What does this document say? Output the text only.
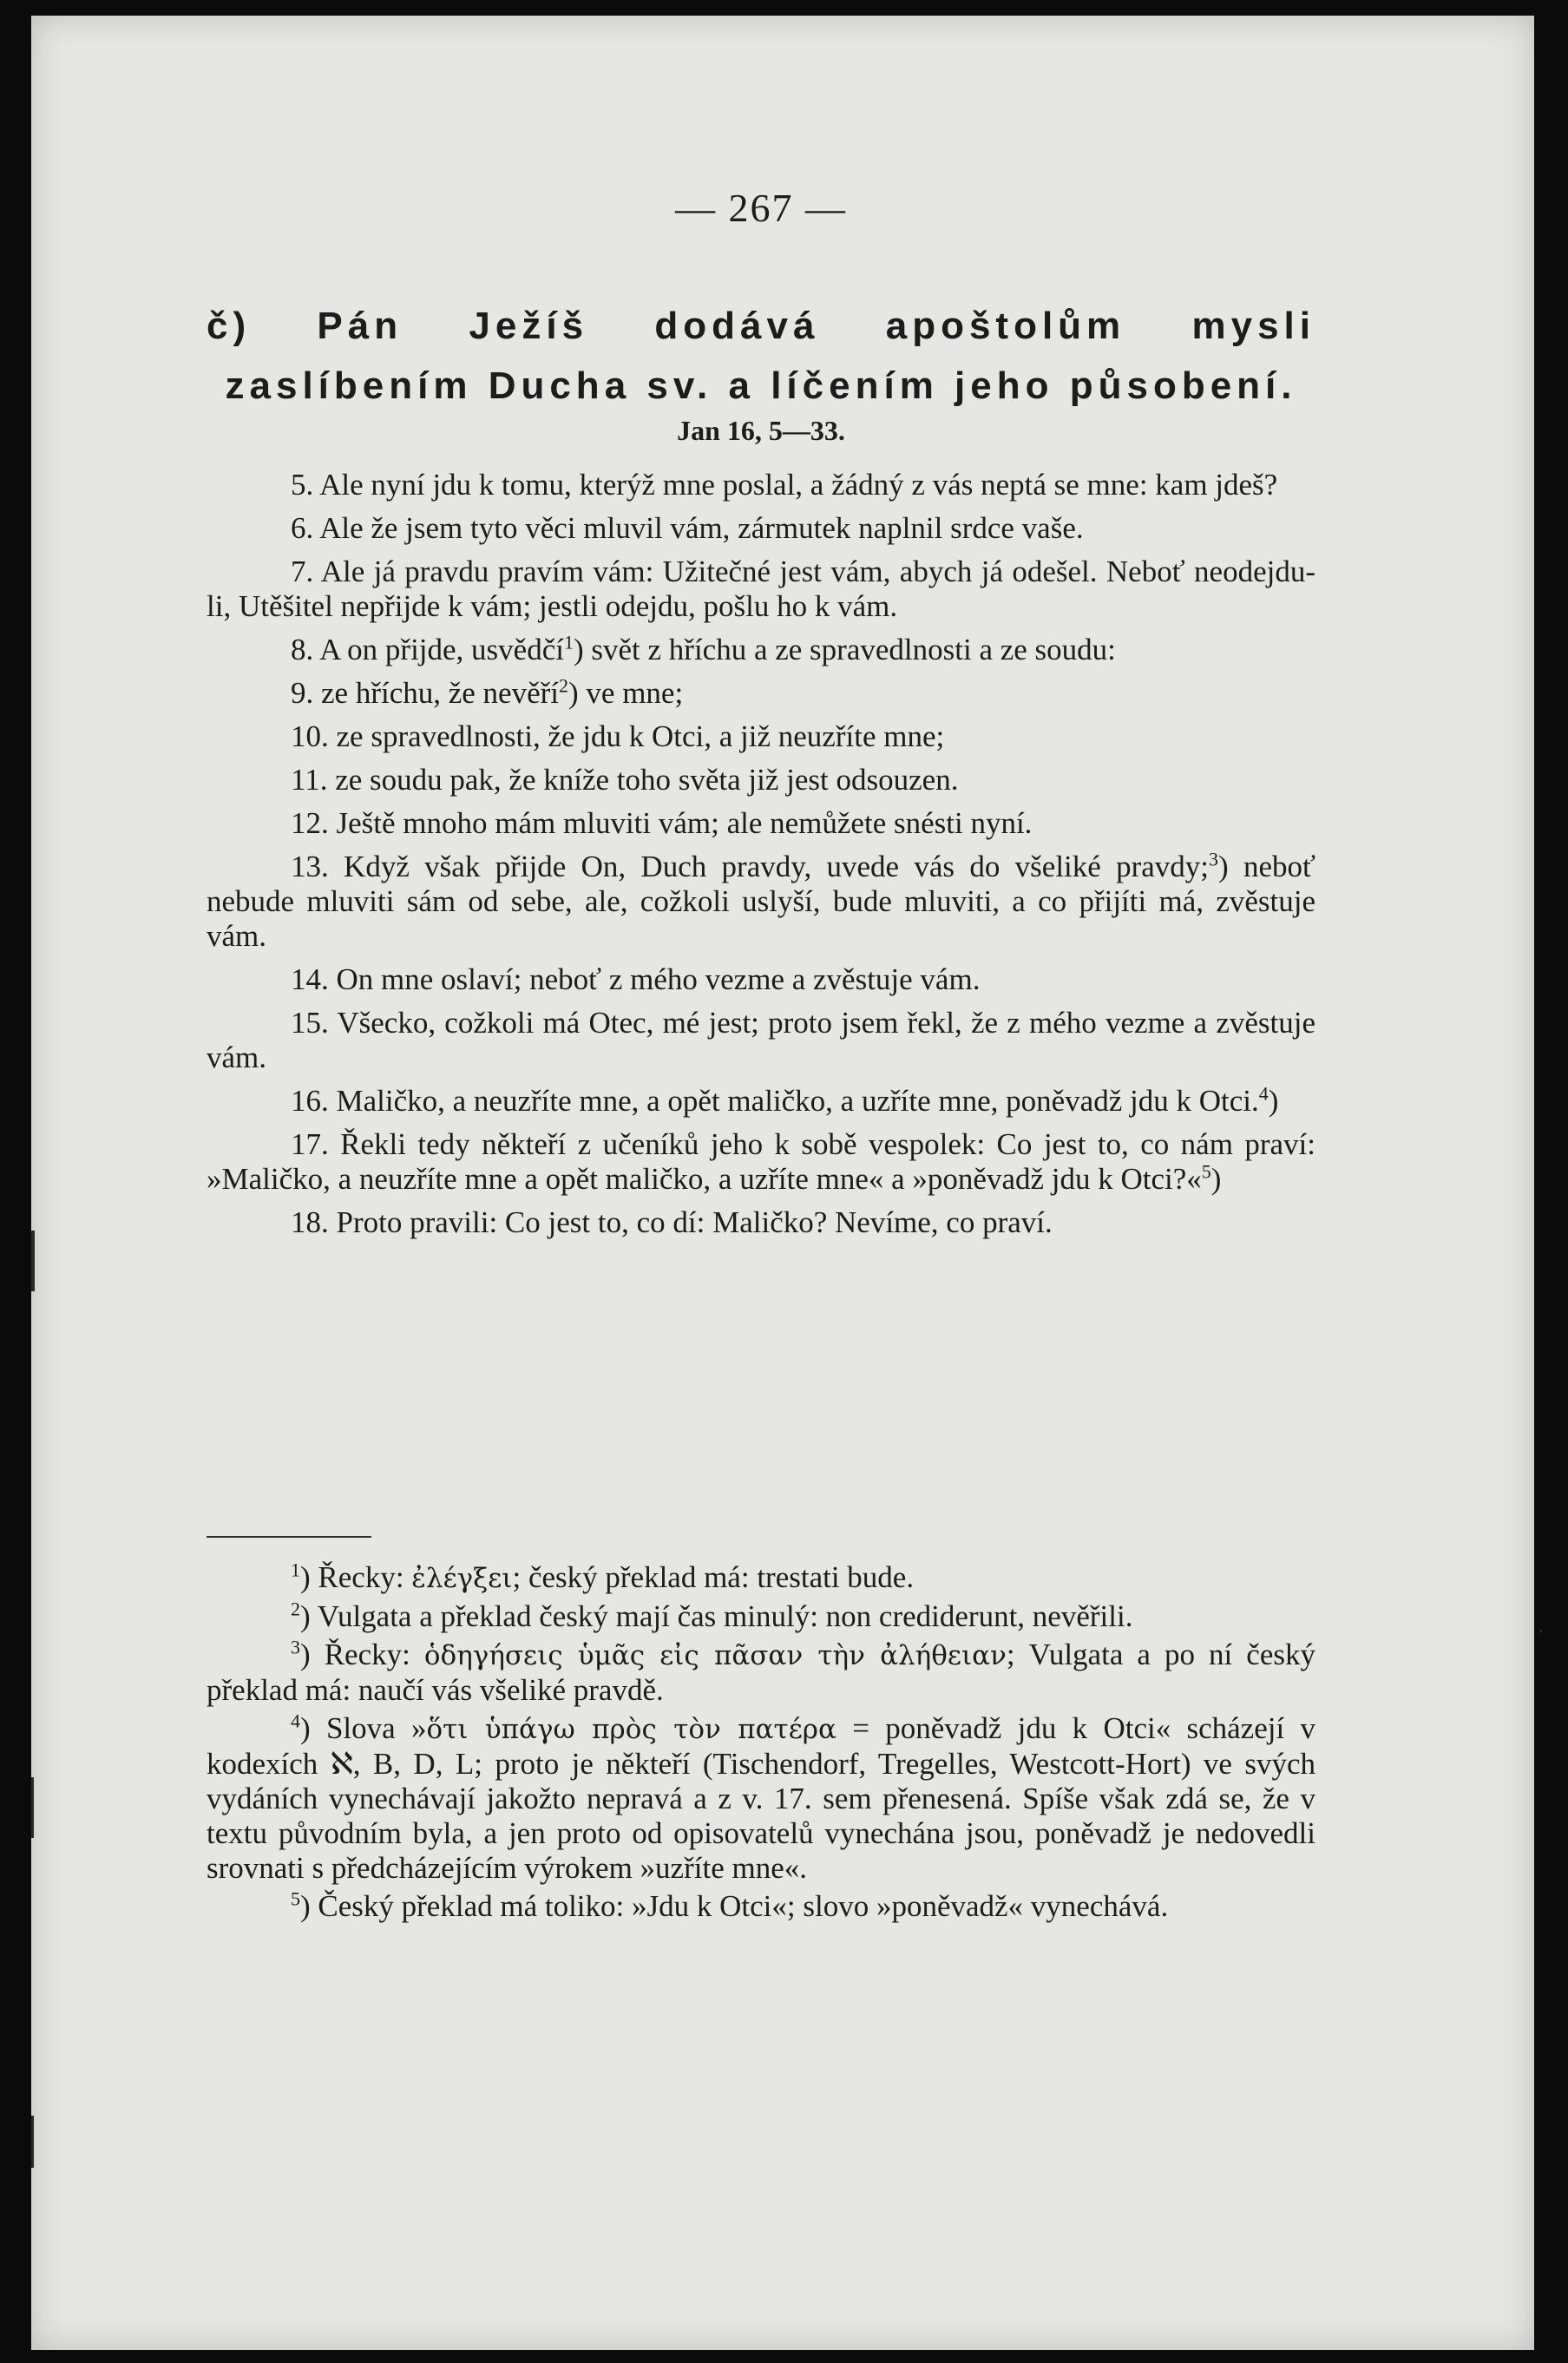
— 267 —
č) Pán Ježíš dodává apoštolům mysli zaslíbením Ducha sv. a líčením jeho působení.
Jan 16, 5—33.

5. Ale nyní jdu k tomu, kterýž mne poslal, a žádný z vás neptá se mne: kam jdeš?

6. Ale že jsem tyto věci mluvil vám, zármutek naplnil srdce vaše.

7. Ale já pravdu pravím vám: Užitečné jest vám, abych já odešel. Neboť neodejdu-li, Utěšitel nepřijde k vám; jestli odejdu, pošlu ho k vám.

8. A on přijde, usvědčí$^1$) svět z hříchu a ze spravedlnosti a ze soudu:

9. ze hříchu, že nevěří$^2$) ve mne;

10. ze spravedlnosti, že jdu k Otci, a již neuzříte mne;

11. ze soudu pak, že kníže toho světa již jest odsouzen.

12. Ještě mnoho mám mluviti vám; ale nemůžete snésti nyní.

13. Když však přijde On, Duch pravdy, uvede vás do všeliké pravdy;$^3$) neboť nebude mluviti sám od sebe, ale, cožkoli uslyší, bude mluviti, a co přijíti má, zvěstuje vám.

14. On mne oslaví; neboť z mého vezme a zvěstuje vám.

15. Všecko, cožkoli má Otec, mé jest; proto jsem řekl, že z mého vezme a zvěstuje vám.

16. Maličko, a neuzříte mne, a opět maličko, a uzříte mne, poněvadž jdu k Otci.$^4$)

17. Řekli tedy někteří z učeníků jeho k sobě vespolek: Co jest to, co nám praví: »Maličko, a neuzříte mne a opět maličko, a uzříte mne« a »poněvadž jdu k Otci?«$^5$)

18. Proto pravili: Co jest to, co dí: Maličko? Nevíme, co praví.

$^1$) Řecky: ἐλέγξει; český překlad má: trestati bude.

$^2$) Vulgata a překlad český mají čas minulý: non crediderunt, nevěřili.

$^3$) Řecky: ὁδηγήσεις ὑμᾶς εἰς πᾶσαν τὴν ἀλήθειαν; Vulgata a po ní český překlad má: naučí vás všeliké pravdě.

$^4$) Slova »ὅτι ὑπάγω πρὸς τὸν πατέρα = poněvadž jdu k Otci« scházejí v kodexích ℵ, B, D, L; proto je někteří (Tischendorf, Tregelles, Westcott-Hort) ve svých vydáních vynechávají jakožto nepravá a z v. 17. sem přenesená. Spíše však zdá se, že v textu původním byla, a jen proto od opisovatelů vynechána jsou, poněvadž je nedovedli srovnati s předcházejícím výrokem »uzříte mne«.

$^5$) Český překlad má toliko: »Jdu k Otci«; slovo »poněvadž« vynechává.
